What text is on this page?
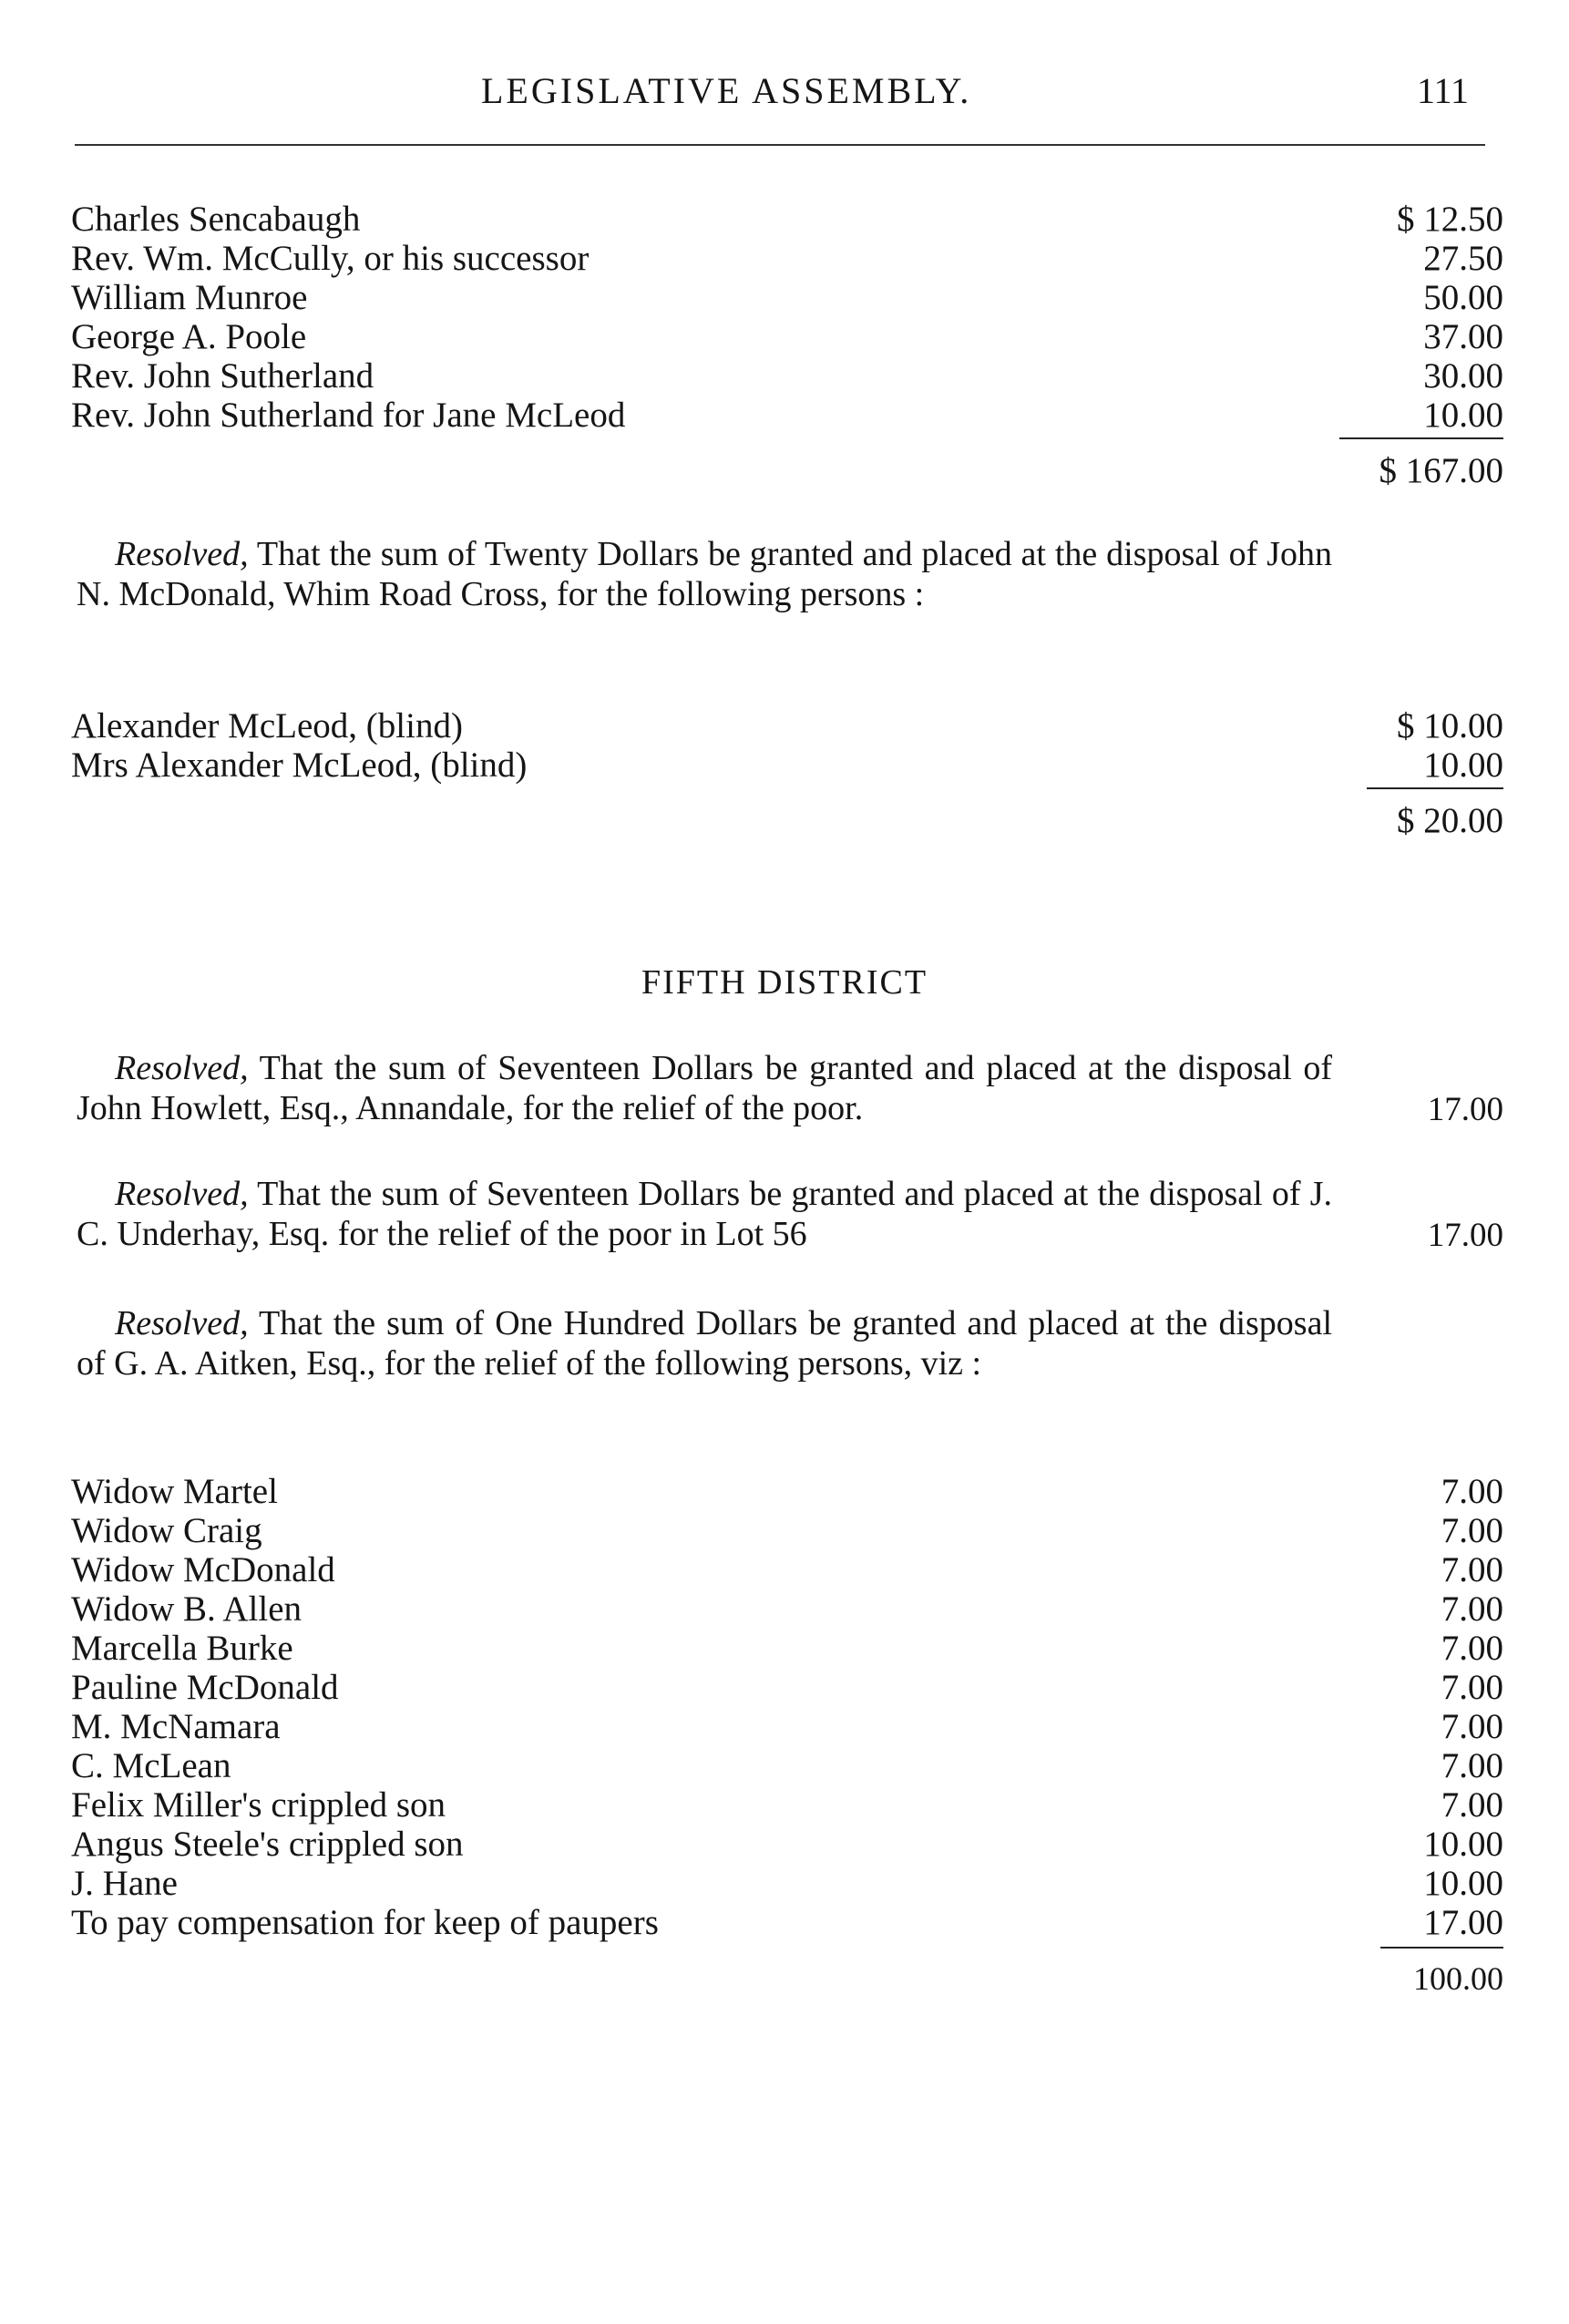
LEGISLATIVE ASSEMBLY.	111
Charles Sencabaugh	$ 12.50
Rev. Wm. McCully, or his successor	27.50
William Munroe	50.00
George A. Poole	37.00
Rev. John Sutherland	30.00
Rev. John Sutherland for Jane McLeod	10.00
$ 167.00
Resolved, That the sum of Twenty Dollars be granted and placed at the disposal of John N. McDonald, Whim Road Cross, for the following persons :
Alexander McLeod, (blind)	$ 10.00
Mrs Alexander McLeod, (blind)	10.00
$ 20.00
FIFTH DISTRICT
Resolved, That the sum of Seventeen Dollars be granted and placed at the disposal of John Howlett, Esq., Annandale, for the relief of the poor.	17.00
Resolved, That the sum of Seventeen Dollars be granted and placed at the disposal of J. C. Underhay, Esq. for the relief of the poor in Lot 56	17.00
Resolved, That the sum of One Hundred Dollars be granted and placed at the disposal of G. A. Aitken, Esq., for the relief of the following persons, viz :
Widow Martel	7.00
Widow Craig	7.00
Widow McDonald	7.00
Widow B. Allen	7.00
Marcella Burke	7.00
Pauline McDonald	7.00
M. McNamara	7.00
C. McLean	7.00
Felix Miller's crippled son	7.00
Angus Steele's crippled son	10.00
J. Hane	10.00
To pay compensation for keep of paupers	17.00
100.00
